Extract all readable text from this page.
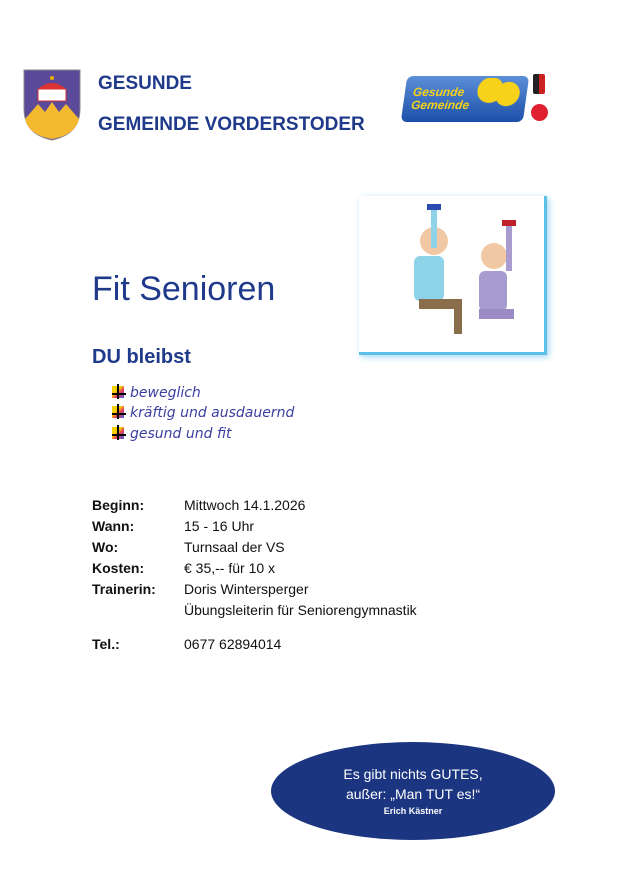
GESUNDE
GEMEINDE VORDERSTODER
Gesunde Gemeinde
Fit Senioren
DU bleibst
beweglich
kräftig und ausdauernd
gesund und fit
Beginn:	Mittwoch 14.1.2026
Wann:	15 - 16 Uhr
Wo:	Turnsaal der VS
Kosten:	€ 35,-- für 10 x
Trainerin: Doris Wintersperger
Übungsleiterin für Seniorengymnastik
Tel.:	0677 62894014
Es gibt nichts GUTES,
außer: „Man TUT es!“
Erich Kästner
